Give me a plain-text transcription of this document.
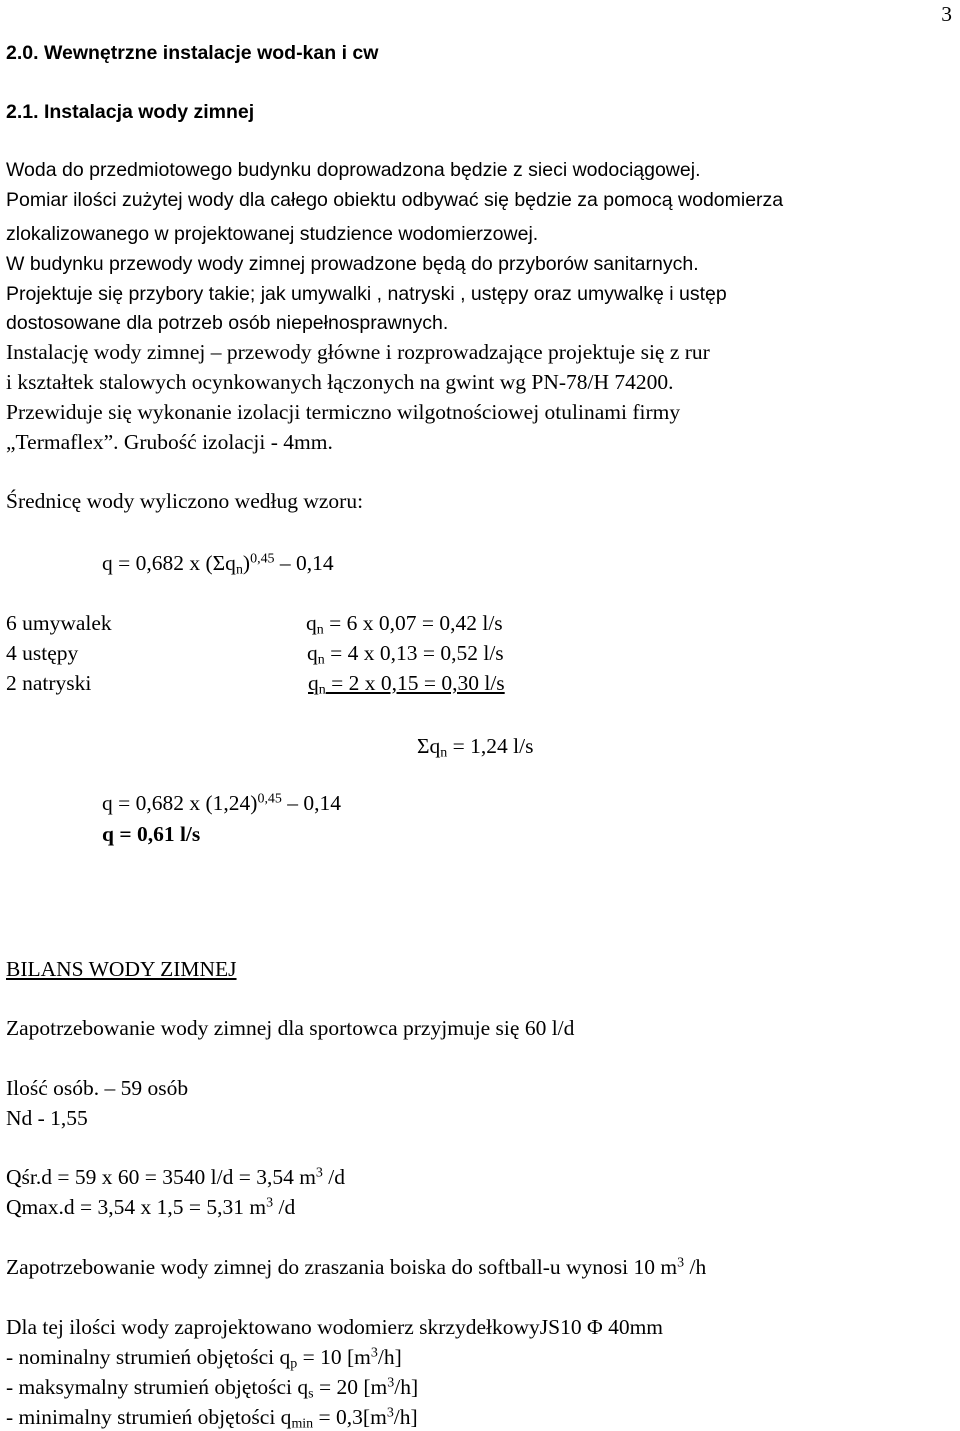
3
2.0. Wewnętrzne instalacje wod-kan i cw
2.1. Instalacja wody zimnej
Woda do przedmiotowego budynku doprowadzona będzie z sieci wodociągowej.
Pomiar ilości zużytej wody dla całego obiektu odbywać się będzie za pomocą wodomierza
zlokalizowanego w projektowanej studzience wodomierzowej.
W budynku przewody wody zimnej prowadzone będą do przyborów sanitarnych.
Projektuje się przybory takie; jak umywalki , natryski , ustępy oraz umywalkę i ustęp
dostosowane dla potrzeb osób niepełnosprawnych.
Instalację wody zimnej – przewody główne i rozprowadzające projektuje się z rur
i kształtek stalowych ocynkowanych łączonych na gwint wg PN-78/H 74200.
Przewiduje się wykonanie izolacji termiczno wilgotnościowej otulinami firmy
„Termaflex”. Grubość izolacji - 4mm.
Średnicę wody wyliczono według wzoru:
q = 0,682 x $(\Sigma q_n)^{0,45} - 0,14$
6 umywalek	$q_n = 6$ x 0,07 = 0,42 l/s
4 ustępy	$q_n = 4$ x 0,13 = 0,52 l/s
2 natryski	$q_n = 2$ x 0,15 = 0,30 l/s
$\Sigma q_n = 1,24$ l/s
q = 0,682 x $(1,24)^{0,45} - 0,14$
q = 0,61 l/s
BILANS WODY ZIMNEJ
Zapotrzebowanie wody zimnej dla sportowca przyjmuje się 60 l/d
Ilość osób. – 59 osób
Nd - 1,55
Qśr.d = 59 x 60 = 3540 l/d = 3,54 $m^3$ /d
Qmax.d = 3,54 x 1,5 = 5,31 $m^3$ /d
Zapotrzebowanie wody zimnej do zraszania boiska do softball-u wynosi 10 $m^3$ /h
Dla tej ilości wody zaprojektowano wodomierz skrzydełkowyJS10 Φ 40mm
- nominalny strumień objętości $q_p = 10$ $[m^3/h]$
- maksymalny strumień objętości $q_s = 20$ $[m^3/h]$
- minimalny strumień objętości $q_{min} = 0,3[m^3/h]$
